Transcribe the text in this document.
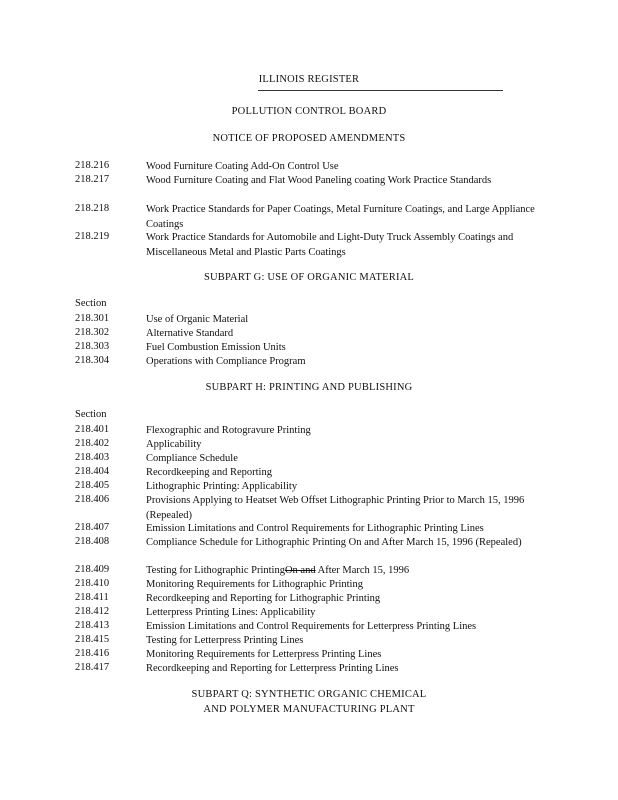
ILLINOIS REGISTER
POLLUTION CONTROL BOARD
NOTICE OF PROPOSED AMENDMENTS
218.216	Wood Furniture Coating Add-On Control Use
218.217	Wood Furniture Coating and Flat Wood Paneling coating Work Practice Standards
218.218	Work Practice Standards for Paper Coatings, Metal Furniture Coatings, and Large Appliance Coatings
218.219	Work Practice Standards for Automobile and Light-Duty Truck Assembly Coatings and Miscellaneous Metal and Plastic Parts Coatings
SUBPART G: USE OF ORGANIC MATERIAL
Section
218.301	Use of Organic Material
218.302	Alternative Standard
218.303	Fuel Combustion Emission Units
218.304	Operations with Compliance Program
SUBPART H: PRINTING AND PUBLISHING
Section
218.401	Flexographic and Rotogravure Printing
218.402	Applicability
218.403	Compliance Schedule
218.404	Recordkeeping and Reporting
218.405	Lithographic Printing: Applicability
218.406	Provisions Applying to Heatset Web Offset Lithographic Printing Prior to March 15, 1996 (Repealed)
218.407	Emission Limitations and Control Requirements for Lithographic Printing Lines
218.408	Compliance Schedule for Lithographic Printing On and After March 15, 1996 (Repealed)
218.409	Testing for Lithographic PrintingOn and After March 15, 1996
218.410	Monitoring Requirements for Lithographic Printing
218.411	Recordkeeping and Reporting for Lithographic Printing
218.412	Letterpress Printing Lines: Applicability
218.413	Emission Limitations and Control Requirements for Letterpress Printing Lines
218.415	Testing for Letterpress Printing Lines
218.416	Monitoring Requirements for Letterpress Printing Lines
218.417	Recordkeeping and Reporting for Letterpress Printing Lines
SUBPART Q: SYNTHETIC ORGANIC CHEMICAL
AND POLYMER MANUFACTURING PLANT
